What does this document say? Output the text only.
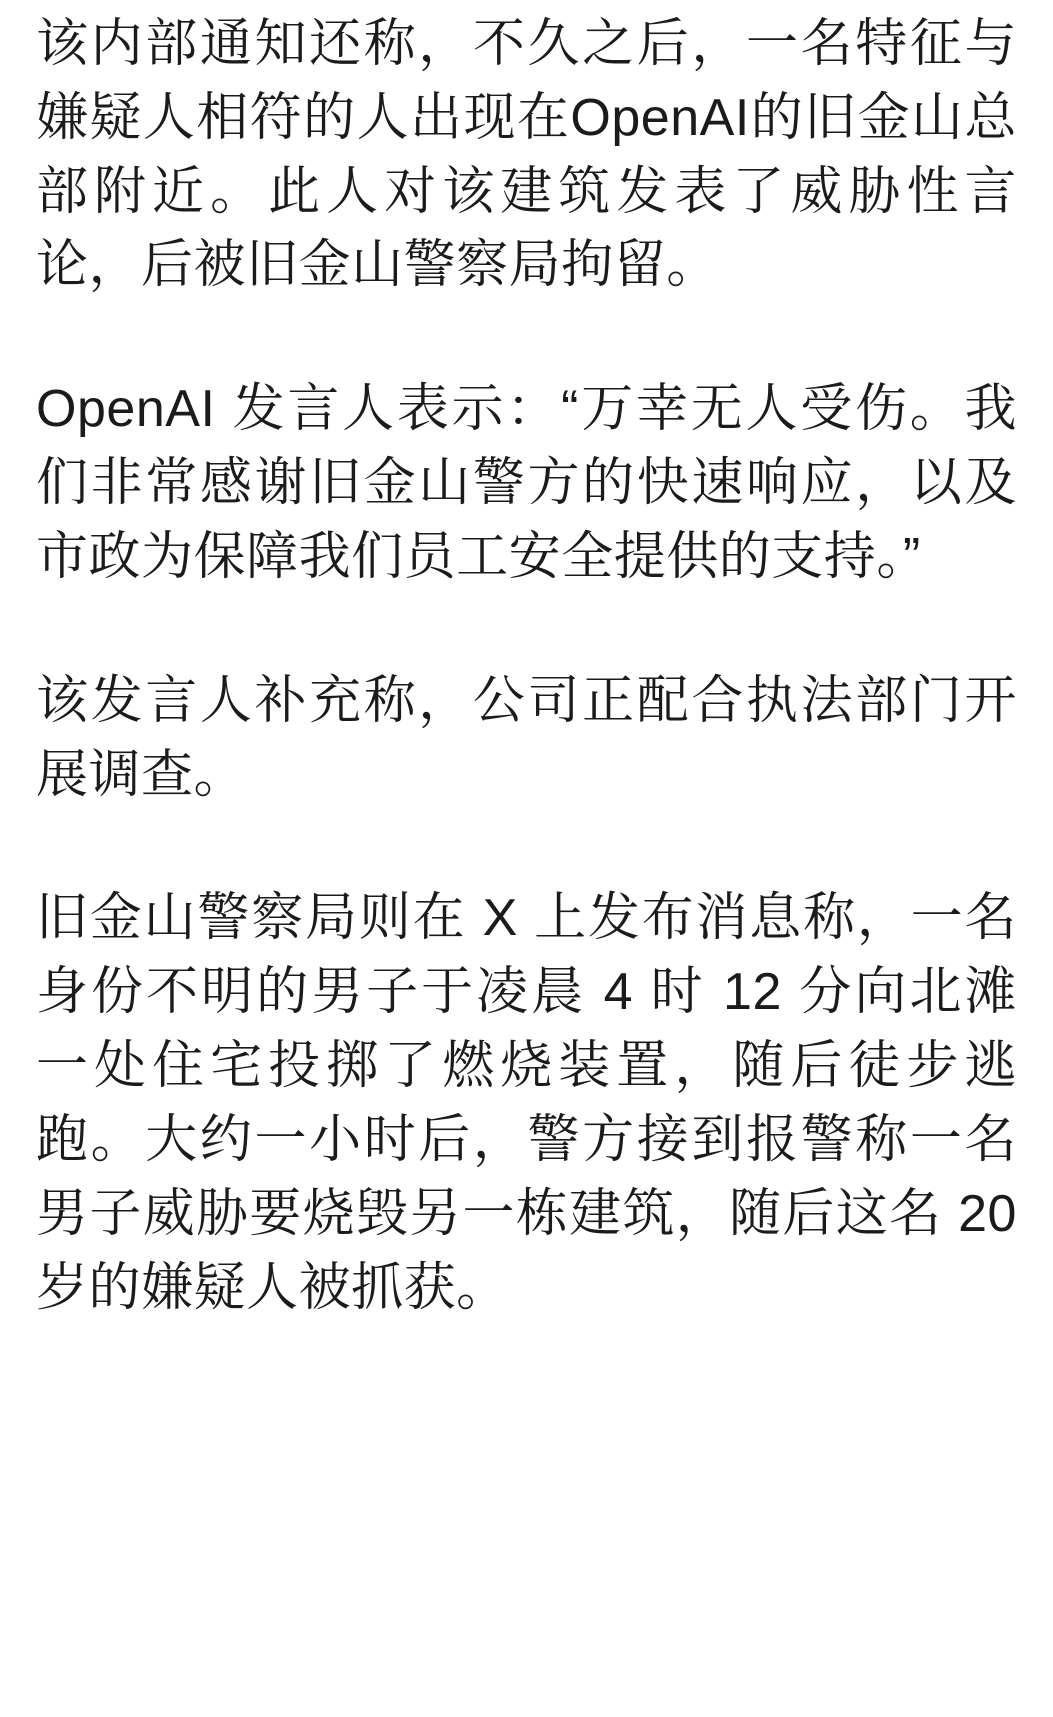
该内部通知还称，不久之后，一名特征与嫌疑人相符的人出现在OpenAI的旧金山总部附近。此人对该建筑发表了威胁性言论，后被旧金山警察局拘留。

OpenAI 发言人表示：“万幸无人受伤。我们非常感谢旧金山警方的快速响应，以及市政为保障我们员工安全提供的支持。”

该发言人补充称，公司正配合执法部门开展调查。

旧金山警察局则在 X 上发布消息称，一名身份不明的男子于凌晨 4 时 12 分向北滩一处住宅投掷了燃烧装置，随后徒步逃跑。大约一小时后，警方接到报警称一名男子威胁要烧毁另一栋建筑，随后这名 20 岁的嫌疑人被抓获。
